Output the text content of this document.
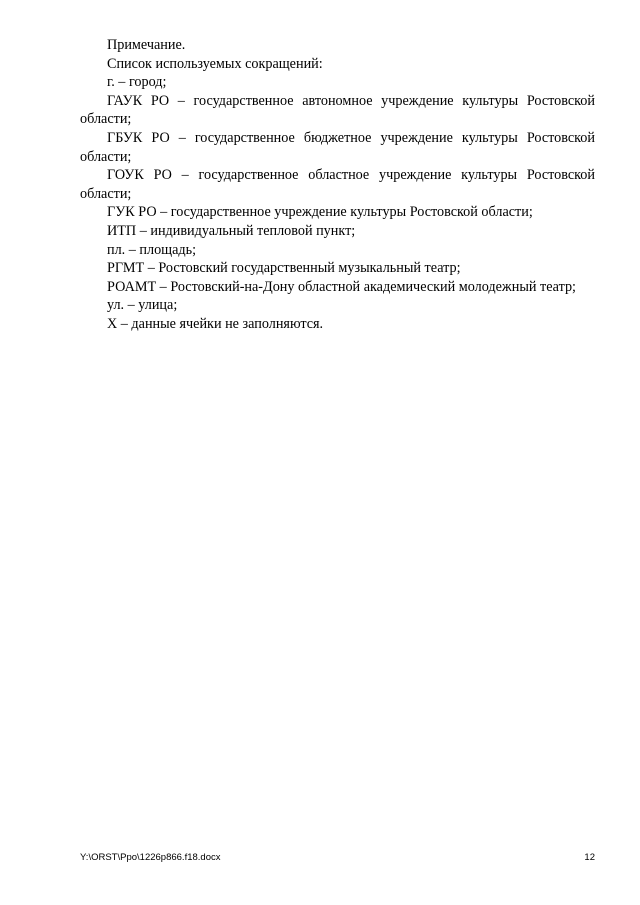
Примечание.

Список используемых сокращений:

г. – город;

ГАУК РО – государственное автономное учреждение культуры Ростовской области;

ГБУК РО – государственное бюджетное учреждение культуры Ростовской области;

ГОУК РО – государственное областное учреждение культуры Ростовской области;

ГУК РО – государственное учреждение культуры Ростовской области;

ИТП – индивидуальный тепловой пункт;

пл. – площадь;

РГМТ – Ростовский государственный музыкальный театр;

РОАМТ – Ростовский-на-Дону областной академический молодежный театр;

ул. – улица;

Х – данные ячейки не заполняются.

Y:\ORST\Ppo\1226p866.f18.docx	12
